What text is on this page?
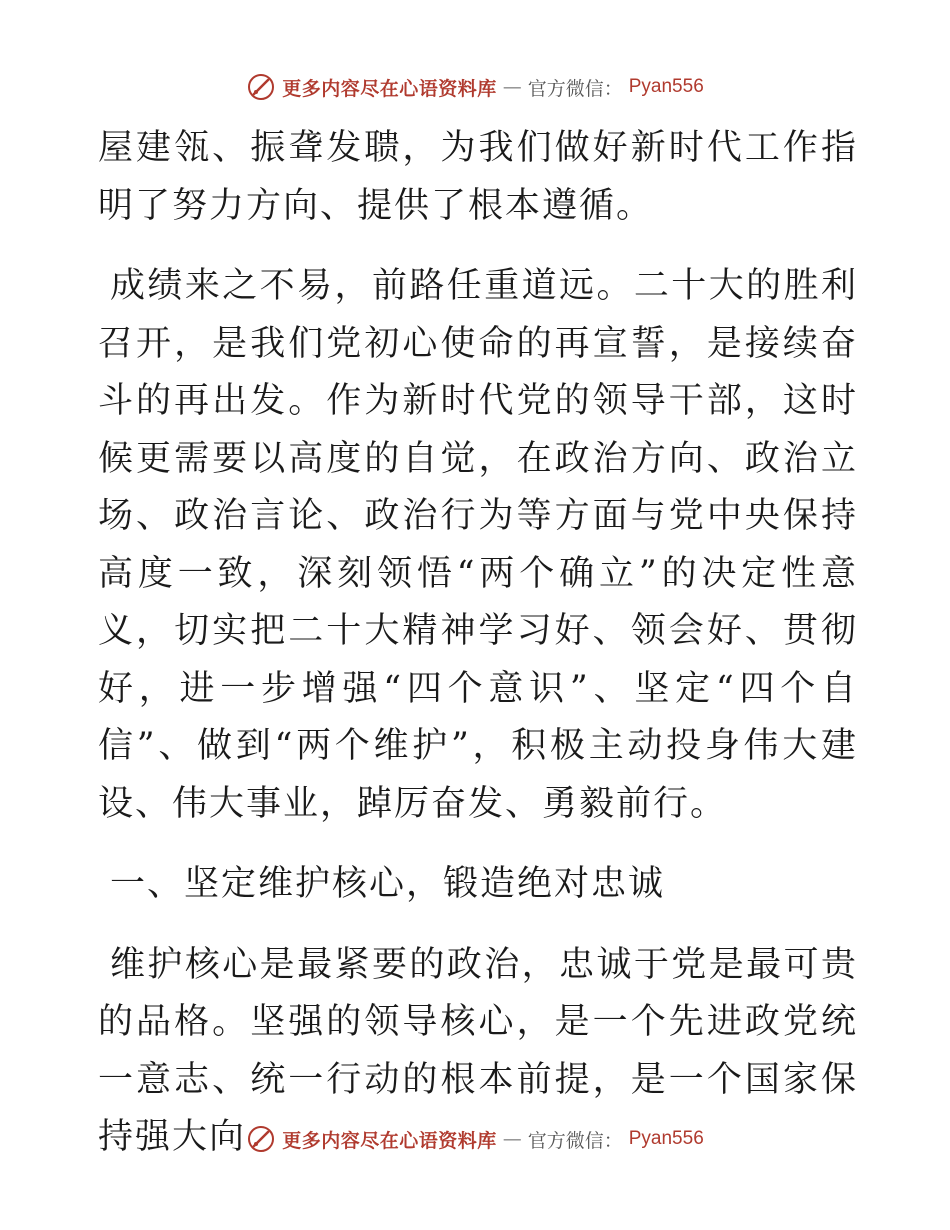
更多内容尽在心语资料库 — 官方微信： Pyan556

屋建瓴、振聋发聩，为我们做好新时代工作指明了努力方向、提供了根本遵循。

成绩来之不易，前路任重道远。二十大的胜利召开，是我们党初心使命的再宣誓，是接续奋斗的再出发。作为新时代党的领导干部，这时候更需要以高度的自觉，在政治方向、政治立场、政治言论、政治行为等方面与党中央保持高度一致，深刻领悟“两个确立”的决定性意义，切实把二十大精神学习好、领会好、贯彻好，进一步增强“四个意识”、坚定“四个自信”、做到“两个维护”，积极主动投身伟大建设、伟大事业，踔厉奋发、勇毅前行。

一、坚定维护核心，锻造绝对忠诚

维护核心是最紧要的政治，忠诚于党是最可贵的品格。坚强的领导核心，是一个先进政党统一意志、统一行动的根本前提，是一个国家保持强大向	更多内容尽在心语资料库 — 官方微信： Pyan556
